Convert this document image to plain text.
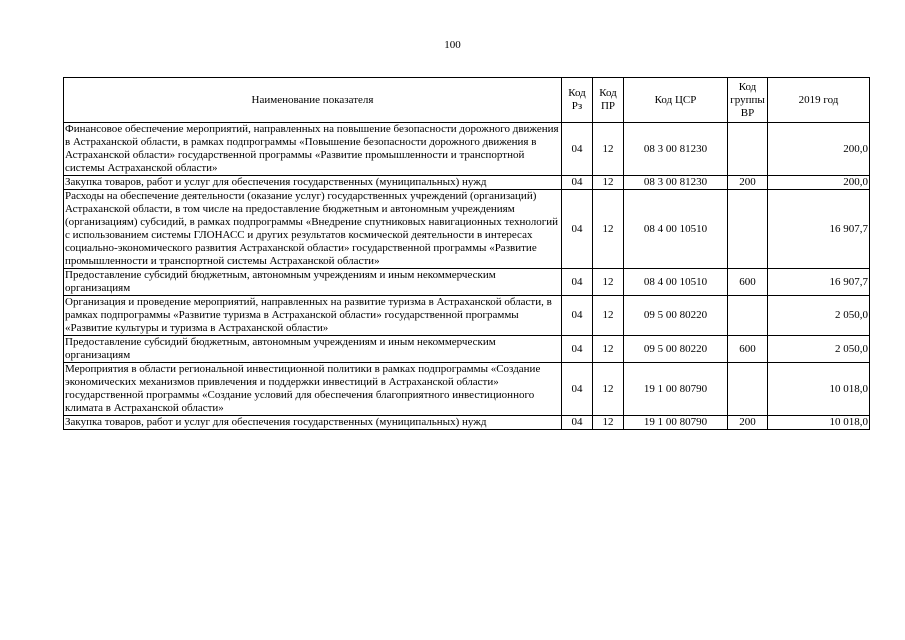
100
Наименование показателя	Код Рз	Код ПР	Код ЦСР	Код группы ВР	2019 год
Финансовое обеспечение мероприятий, направленных на повышение безопасности дорожного движения в Астраханской области, в рамках подпрограммы «Повышение безопасности дорожного движения в Астраханской области» государственной программы «Развитие промышленности и транспортной системы Астраханской области»	04	12	08 3 00 81230		200,0
Закупка товаров, работ и услуг для обеспечения государственных (муниципальных) нужд	04	12	08 3 00 81230	200	200,0
Расходы на обеспечение деятельности (оказание услуг) государственных учреждений (организаций) Астраханской области, в том числе на предоставление бюджетным и автономным учреждениям (организациям) субсидий, в рамках подпрограммы «Внедрение спутниковых навигационных технологий с использованием системы ГЛОНАСС и других результатов космической деятельности в интересах социально-экономического развития Астраханской области» государственной программы «Развитие промышленности и транспортной системы Астраханской области»	04	12	08 4 00 10510		16 907,7
Предоставление субсидий бюджетным, автономным учреждениям и иным некоммерческим организациям	04	12	08 4 00 10510	600	16 907,7
Организация и проведение мероприятий, направленных на развитие туризма в Астраханской области, в рамках подпрограммы «Развитие туризма в Астраханской области» государственной программы «Развитие культуры и туризма в Астраханской области»	04	12	09 5 00 80220		2 050,0
Предоставление субсидий бюджетным, автономным учреждениям и иным некоммерческим организациям	04	12	09 5 00 80220	600	2 050,0
Мероприятия в области региональной инвестиционной политики в рамках подпрограммы «Создание экономических механизмов привлечения и поддержки инвестиций в Астраханской области» государственной программы «Создание условий для обеспечения благоприятного инвестиционного климата в Астраханской области»	04	12	19 1 00 80790		10 018,0
Закупка товаров, работ и услуг для обеспечения государственных (муниципальных) нужд	04	12	19 1 00 80790	200	10 018,0
